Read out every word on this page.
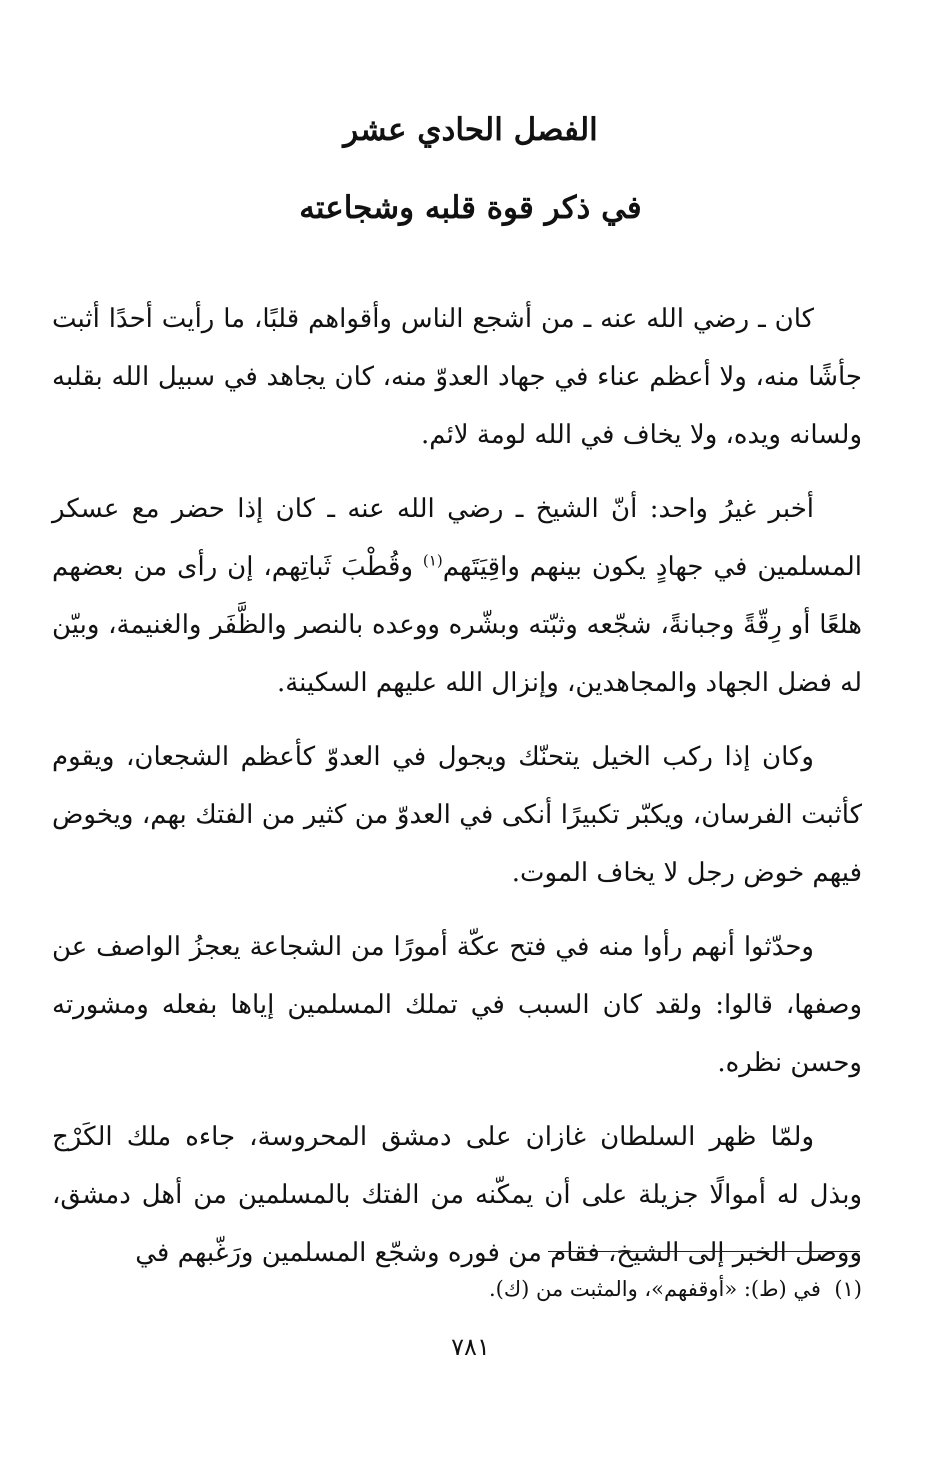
الفصل الحادي عشر
في ذكر قوة قلبه وشجاعته

كان ـ رضي الله عنه ـ من أشجع الناس وأقواهم قلبًا، ما رأيت أحدًا أثبت جأشًا منه، ولا أعظم عناء في جهاد العدوّ منه، كان يجاهد في سبيل الله بقلبه ولسانه ويده، ولا يخاف في الله لومة لائم.

أخبر غيرُ واحد: أنّ الشيخ ـ رضي الله عنه ـ كان إذا حضر مع عسكر المسلمين في جهادٍ يكون بينهم واقِيَتَهم$^{(١)}$ وقُطْبَ ثَباتِهم، إن رأى من بعضهم هلعًا أو رِقّةً وجبانةً، شجّعه وثبّته وبشّره ووعده بالنصر والظَّفَر والغنيمة، وبيّن له فضل الجهاد والمجاهدين، وإنزال الله عليهم السكينة.

وكان إذا ركب الخيل يتحنّك ويجول في العدوّ كأعظم الشجعان، ويقوم كأثبت الفرسان، ويكبّر تكبيرًا أنكى في العدوّ من كثير من الفتك بهم، ويخوض فيهم خوض رجل لا يخاف الموت.

وحدّثوا أنهم رأوا منه في فتح عكّة أمورًا من الشجاعة يعجزُ الواصف عن وصفها، قالوا: ولقد كان السبب في تملك المسلمين إياها بفعله ومشورته وحسن نظره.

ولمّا ظهر السلطان غازان على دمشق المحروسة، جاءه ملك الكَرْج وبذل له أموالًا جزيلة على أن يمكّنه من الفتك بالمسلمين من أهل دمشق، ووصل الخبر إلى الشيخ، فقام من فوره وشجّع المسلمين ورَغّبهم في

(١)  في (ط): «أوقفهم»، والمثبت من (ك).
٧٨١
